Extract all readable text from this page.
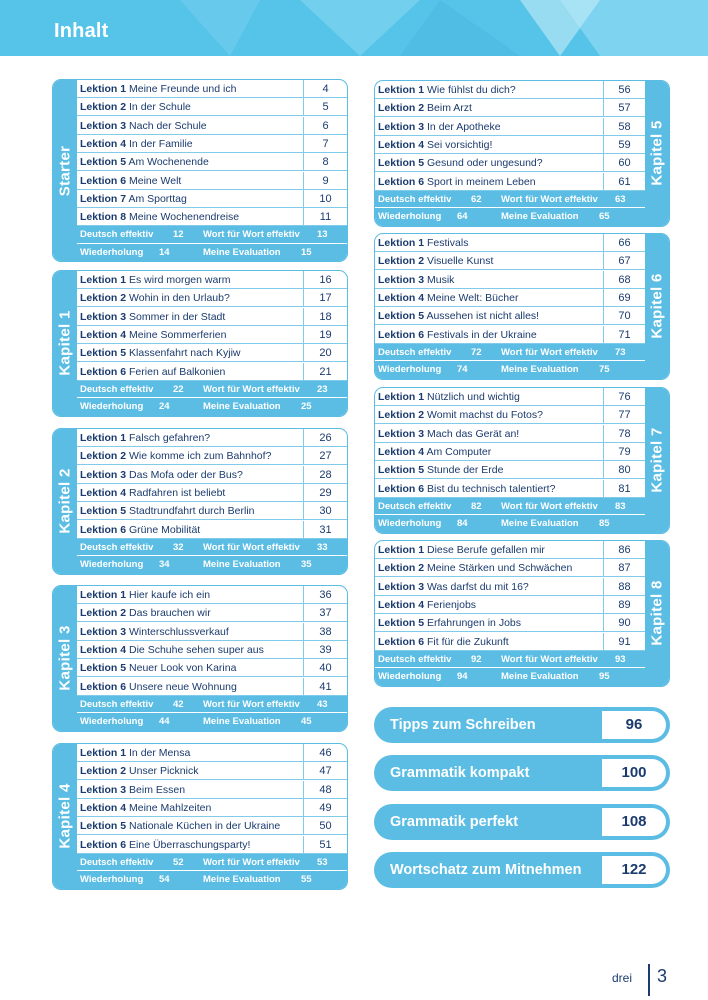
Inhalt
Starter
Lektion 1 Meine Freunde und ich	4
Lektion 2 In der Schule	5
Lektion 3 Nach der Schule	6
Lektion 4 In der Familie	7
Lektion 5 Am Wochenende	8
Lektion 6 Meine Welt	9
Lektion 7 Am Sporttag	10
Lektion 8 Meine Wochenendreise	11
Deutsch effektiv 12 Wort für Wort effektiv 13
Wiederholung 14	Meine Evaluation 15
Kapitel 1
Lektion 1 Es wird morgen warm	16
Lektion 2 Wohin in den Urlaub?	17
Lektion 3 Sommer in der Stadt	18
Lektion 4 Meine Sommerferien	19
Lektion 5 Klassenfahrt nach Kyjiw	20
Lektion 6 Ferien auf Balkonien	21
Deutsch effektiv 22 Wort für Wort effektiv 23
Wiederholung 24	Meine Evaluation 25
Kapitel 2
Lektion 1 Falsch gefahren?	26
Lektion 2 Wie komme ich zum Bahnhof?	27
Lektion 3 Das Mofa oder der Bus?	28
Lektion 4 Radfahren ist beliebt	29
Lektion 5 Stadtrundfahrt durch Berlin	30
Lektion 6 Grüne Mobilität	31
Deutsch effektiv 32 Wort für Wort effektiv 33
Wiederholung 34	Meine Evaluation 35
Kapitel 3
Lektion 1 Hier kaufe ich ein	36
Lektion 2 Das brauchen wir	37
Lektion 3 Winterschlussverkauf	38
Lektion 4 Die Schuhe sehen super aus	39
Lektion 5 Neuer Look von Karina	40
Lektion 6 Unsere neue Wohnung	41
Deutsch effektiv 42 Wort für Wort effektiv 43
Wiederholung 44	Meine Evaluation 45
Kapitel 4
Lektion 1 In der Mensa	46
Lektion 2 Unser Picknick	47
Lektion 3 Beim Essen	48
Lektion 4 Meine Mahlzeiten	49
Lektion 5 Nationale Küchen in der Ukraine	50
Lektion 6 Eine Überraschungsparty!	51
Deutsch effektiv 52 Wort für Wort effektiv 53
Wiederholung 54	Meine Evaluation 55
Kapitel 5
Lektion 1 Wie fühlst du dich?	56
Lektion 2 Beim Arzt	57
Lektion 3 In der Apotheke	58
Lektion 4 Sei vorsichtig!	59
Lektion 5 Gesund oder ungesund?	60
Lektion 6 Sport in meinem Leben	61
Deutsch effektiv 62 Wort für Wort effektiv 63
Wiederholung 64	Meine Evaluation 65
Kapitel 6
Lektion 1 Festivals	66
Lektion 2 Visuelle Kunst	67
Lektion 3 Musik	68
Lektion 4 Meine Welt: Bücher	69
Lektion 5 Aussehen ist nicht alles!	70
Lektion 6 Festivals in der Ukraine	71
Deutsch effektiv 72 Wort für Wort effektiv 73
Wiederholung 74	Meine Evaluation 75
Kapitel 7
Lektion 1 Nützlich und wichtig	76
Lektion 2 Womit machst du Fotos?	77
Lektion 3 Mach das Gerät an!	78
Lektion 4 Am Computer	79
Lektion 5 Stunde der Erde	80
Lektion 6 Bist du technisch talentiert?	81
Deutsch effektiv 82 Wort für Wort effektiv 83
Wiederholung 84	Meine Evaluation 85
Kapitel 8
Lektion 1 Diese Berufe gefallen mir	86
Lektion 2 Meine Stärken und Schwächen	87
Lektion 3 Was darfst du mit 16?	88
Lektion 4 Ferienjobs	89
Lektion 5 Erfahrungen in Jobs	90
Lektion 6 Fit für die Zukunft	91
Deutsch effektiv 92 Wort für Wort effektiv 93
Wiederholung 94	Meine Evaluation 95
Tipps zum Schreiben	96
Grammatik kompakt	100
Grammatik perfekt	108
Wortschatz zum Mitnehmen	122
drei 3
